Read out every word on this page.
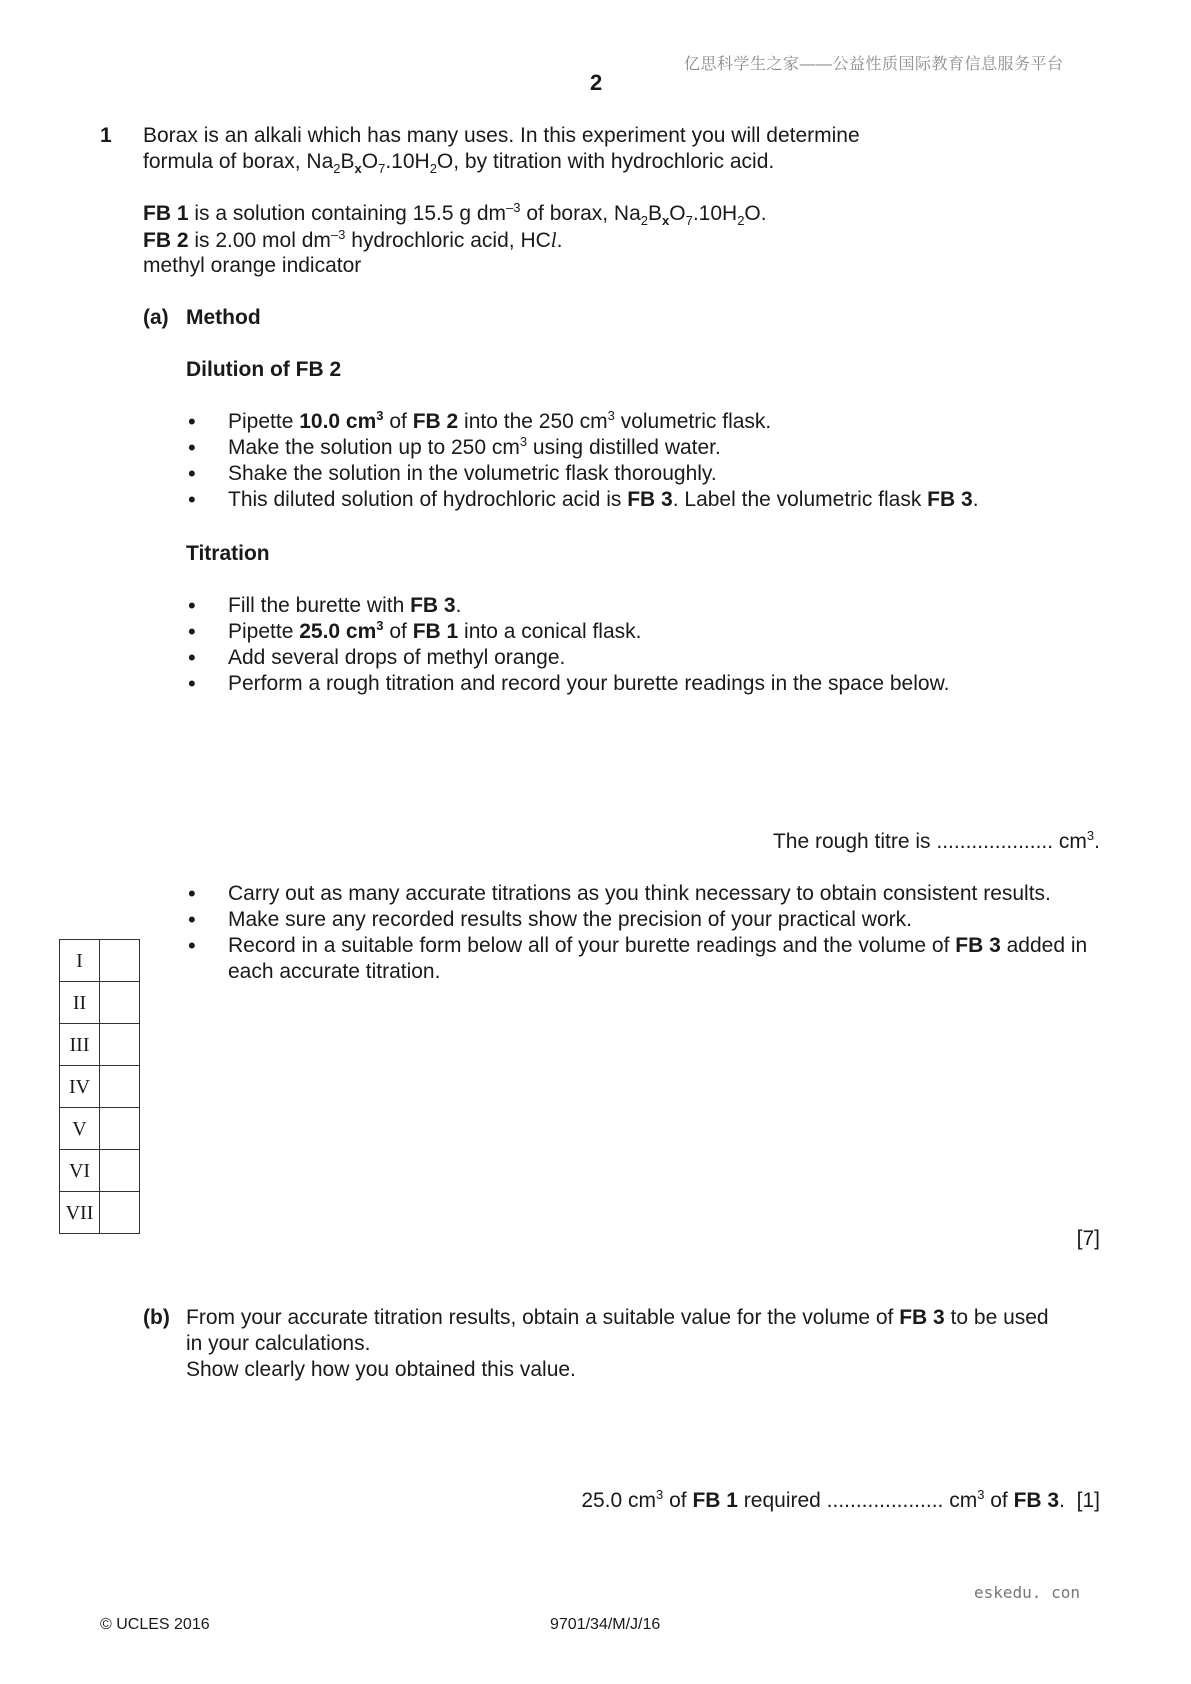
亿思科学生之家——公益性质国际教育信息服务平台
2
1 Borax is an alkali which has many uses. In this experiment you will determine
formula of borax, $Na_2B_xO_7.10H_2O$, by titration with hydrochloric acid.
FB 1 is a solution containing 15.5 g $dm^{-3}$ of borax, $Na_2B_xO_7.10H_2O$.
FB 2 is 2.00 mol $dm^{-3}$ hydrochloric acid, HCl.
methyl orange indicator
(a) Method
Dilution of FB 2
• Pipette 10.0 $cm^3$ of FB 2 into the 250 $cm^3$ volumetric flask.
• Make the solution up to 250 $cm^3$ using distilled water.
• Shake the solution in the volumetric flask thoroughly.
• This diluted solution of hydrochloric acid is FB 3. Label the volumetric flask FB 3.
Titration
• Fill the burette with FB 3.
• Pipette 25.0 $cm^3$ of FB 1 into a conical flask.
• Add several drops of methyl orange.
• Perform a rough titration and record your burette readings in the space below.
The rough titre is .................... $cm^3$.
• Carry out as many accurate titrations as you think necessary to obtain consistent results.
• Make sure any recorded results show the precision of your practical work.
• Record in a suitable form below all of your burette readings and the volume of FB 3 added in each accurate titration.
I	
II	
III	
IV	
V	
VI	
VII	
[7]
(b) From your accurate titration results, obtain a suitable value for the volume of FB 3 to be used
in your calculations.
Show clearly how you obtained this value.
25.0 $cm^3$ of FB 1 required .................... $cm^3$ of FB 3. [1]
eskedu. con
© UCLES 2016	9701/34/M/J/16
